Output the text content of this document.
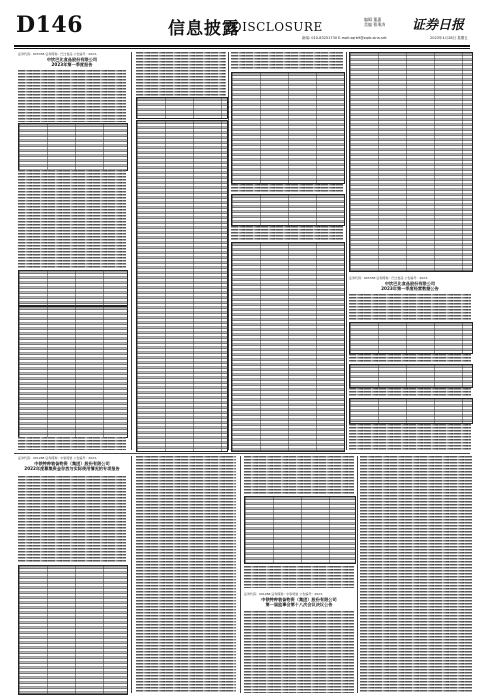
D146	信息披露
DISCLOSURE
编辑 董惠
美编 曹秉涛 证券日报
新闻: 010-83251730 E-mail:zqrb9@zqrb.sina.net	2023年4月28日 星期五
证券代码：605338 证券简称：巴比食品 公告编号：2023-
中饮巴比食品股份有限公司
2023年第一季度报告
证券代码：605338 证券简称：巴比食品 公告编号：2023-
中饮巴比食品股份有限公司
2023年第一季度经营数据公告
证券代码：001288 证券简称：中铁特装 公告编号：2023-
中铁特种装备物资（集团）股份有限公司
2022年度募集资金存放与实际使用情况的专项报告
证券代码：001288 证券简称：中铁特装 公告编号：2023-
中铁特种装备物资（集团）股份有限公司
第一届监事会第十八次会议决议公告
